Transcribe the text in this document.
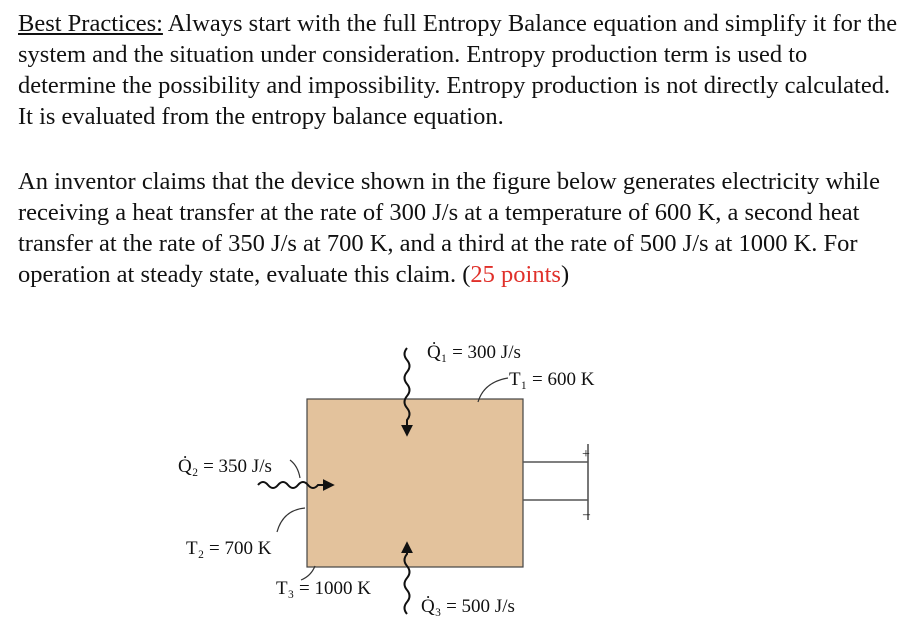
Best Practices: Always start with the full Entropy Balance equation and simplify it for the system and the situation under consideration. Entropy production term is used to determine the possibility and impossibility. Entropy production is not directly calculated. It is evaluated from the entropy balance equation.

An inventor claims that the device shown in the figure below generates electricity while receiving a heat transfer at the rate of 300 J/s at a temperature of 600 K, a second heat transfer at the rate of 350 J/s at 700 K, and a third at the rate of 500 J/s at 1000 K. For operation at steady state, evaluate this claim. (25 points)

+
–
Q̇₁ = 300 J/s
T₁ = 600 K
Q̇₂ = 350 J/s
T₂ = 700 K
T₃ = 1000 K
Q̇₃ = 500 J/s
